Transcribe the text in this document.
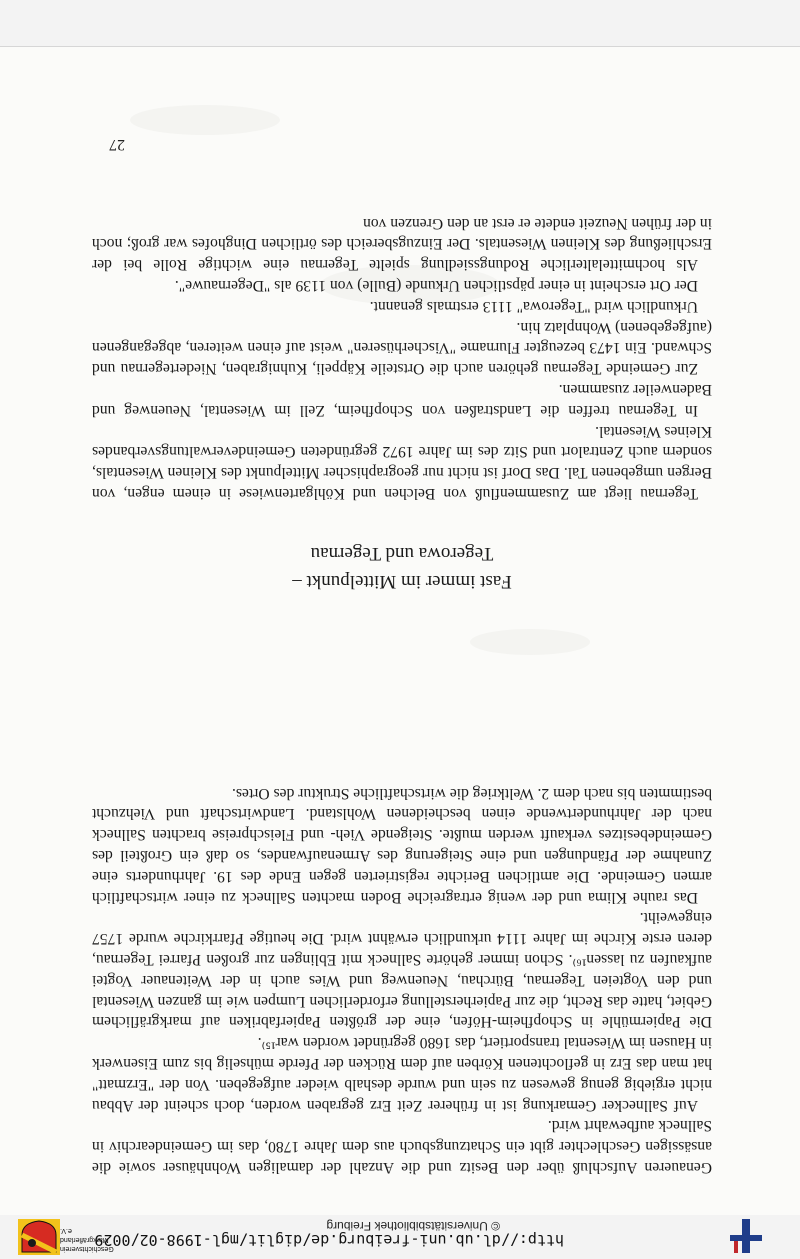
http://dl.ub.uni-freiburg.de/diglit/mgl-1998-02/0029
© Universitätsbibliothek Freiburg
Geschichtsverein Markgräflerland e.V.

Genaueren Aufschluß über den Besitz und die Anzahl der damaligen Wohnhäuser sowie die ansässigen Geschlechter gibt ein Schatzungsbuch aus dem Jahre 1780, das im Gemeindearchiv in Sallneck aufbewahrt wird.

Auf Sallnecker Gemarkung ist in früherer Zeit Erz gegraben worden, doch scheint der Abbau nicht ergiebig genug gewesen zu sein und wurde deshalb wieder aufgegeben. Von der "Erzmatt" hat man das Erz in geflochtenen Körben auf dem Rücken der Pferde mühselig bis zum Eisenwerk in Hausen im Wiesental transportiert, das 1680 gegründet worden war¹⁵⁾.

Die Papiermühle in Schopfheim-Höfen, eine der größten Papierfabriken auf markgräflichem Gebiet, hatte das Recht, die zur Papierherstellung erforderlichen Lumpen wie im ganzen Wiesental und den Vogteien Tegernau, Bürchau, Neuenweg und Wies auch in der Weitenauer Vogtei aufkaufen zu lassen¹⁶⁾. Schon immer gehörte Sallneck mit Eblingen zur großen Pfarrei Tegernau, deren erste Kirche im Jahre 1114 urkundlich erwähnt wird. Die heutige Pfarrkirche wurde 1757 eingeweiht.

Das rauhe Klima und der wenig ertragreiche Boden machten Sallneck zu einer wirtschaftlich armen Gemeinde. Die amtlichen Berichte registrierten gegen Ende des 19. Jahrhunderts eine Zunahme der Pfändungen und eine Steigerung des Armenaufwandes, so daß ein Großteil des Gemeindebesitzes verkauft werden mußte. Steigende Vieh- und Fleischpreise brachten Sallneck nach der Jahrhundertwende einen bescheidenen Wohlstand. Landwirtschaft und Viehzucht bestimmten bis nach dem 2. Weltkrieg die wirtschaftliche Struktur des Ortes.

Fast immer im Mittelpunkt –
Tegerowa und Tegernau

Tegernau liegt am Zusammenfluß von Belchen und Köhlgartenwiese in einem engen, von Bergen umgebenen Tal. Das Dorf ist nicht nur geographischer Mittelpunkt des Kleinen Wiesentals, sondern auch Zentralort und Sitz des im Jahre 1972 gegründeten Gemeindeverwaltungsverbandes Kleines Wiesental.

In Tegernau treffen die Landstraßen von Schopfheim, Zell im Wiesental, Neuenweg und Badenweiler zusammen.

Zur Gemeinde Tegernau gehören auch die Ortsteile Käppeli, Kuhnigraben, Niedertegernau und Schwand. Ein 1473 bezeugter Flurname "Vischerhüseren" weist auf einen weiteren, abgegangenen (aufgegebenen) Wohnplatz hin.

Urkundlich wird "Tegerowa" 1113 erstmals genannt.

Der Ort erscheint in einer päpstlichen Urkunde (Bulle) von 1139 als "Degernauwe".

Als hochmittelalterliche Rodungssiedlung spielte Tegernau eine wichtige Rolle bei der Erschließung des Kleinen Wiesentals. Der Einzugsbereich des örtlichen Dinghofes war groß; noch in der frühen Neuzeit endete er erst an den Grenzen von

27
